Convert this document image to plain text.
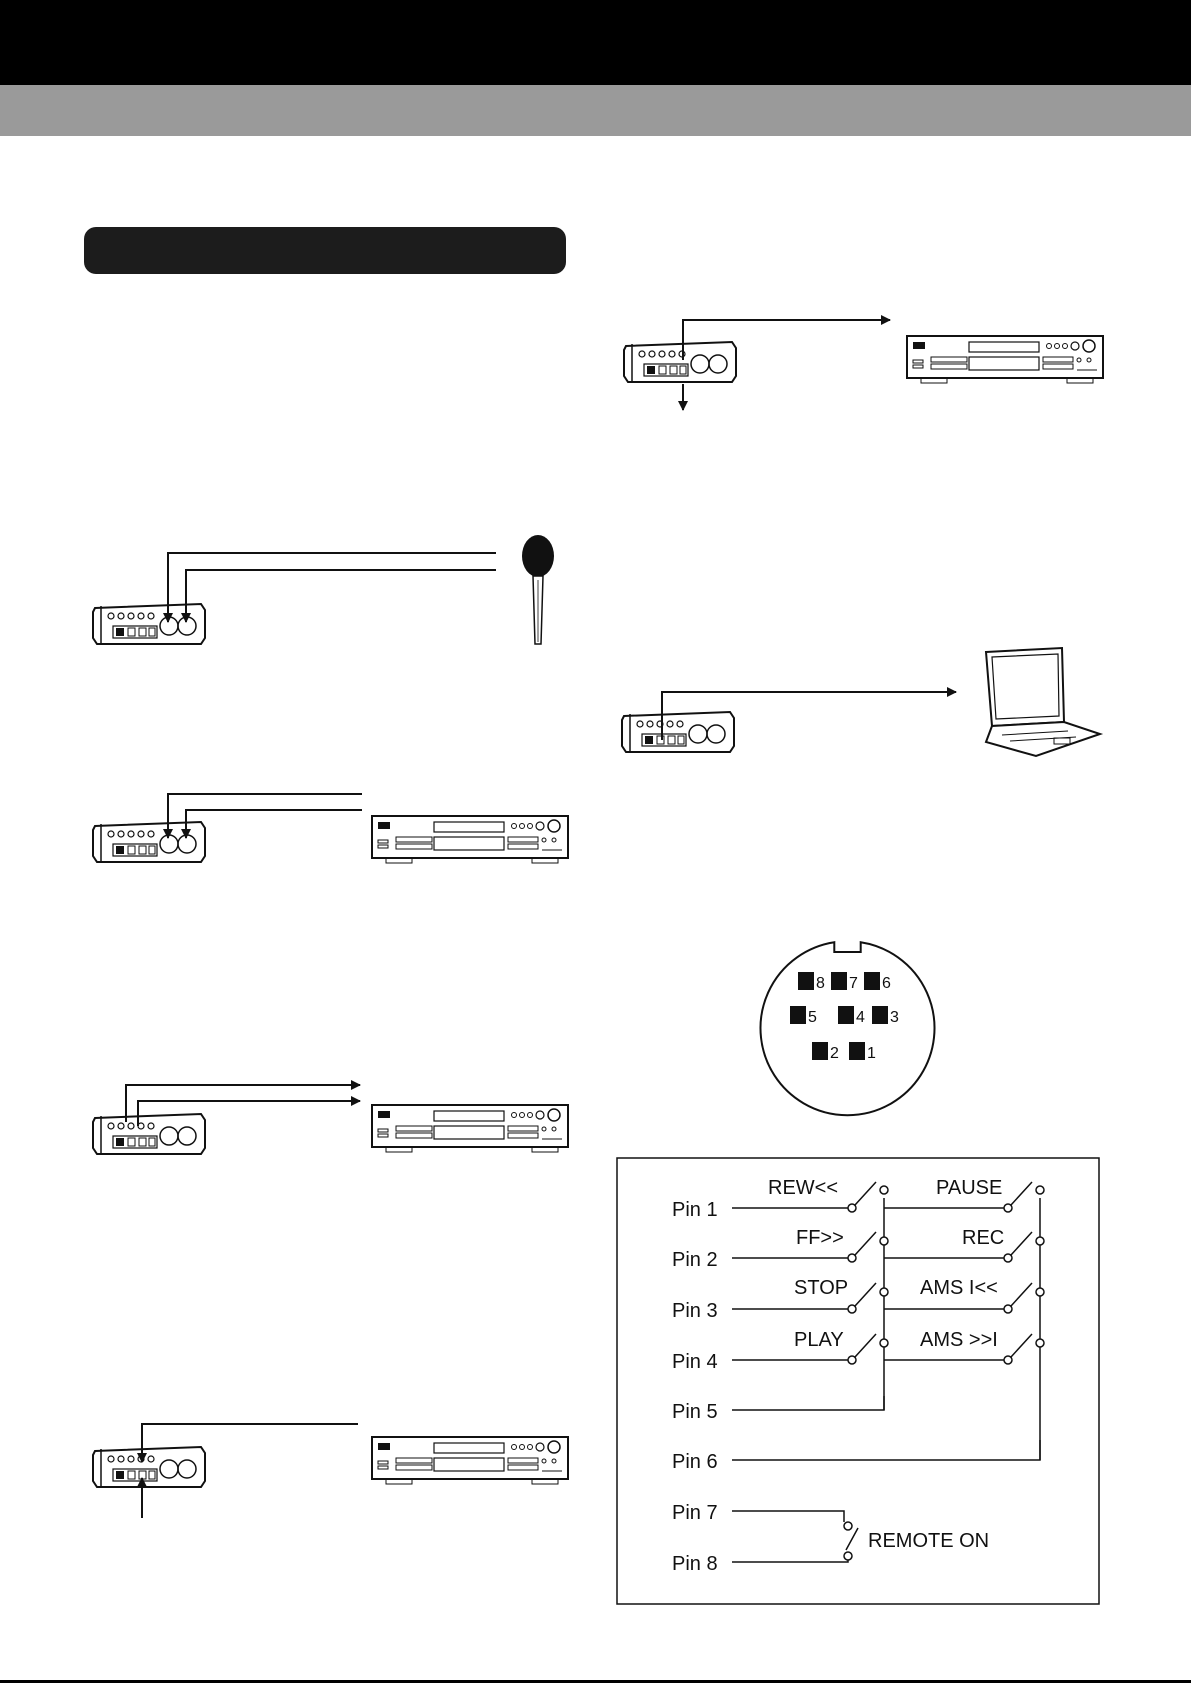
8 7 6
5 4 3
2 1
Pin 1
Pin 2
Pin 3
Pin 4
Pin 5
Pin 6
Pin 7
Pin 8
REW<<	PAUSE
FF>>	REC
STOP	AMS I<<
PLAY	AMS >>I
REMOTE ON
